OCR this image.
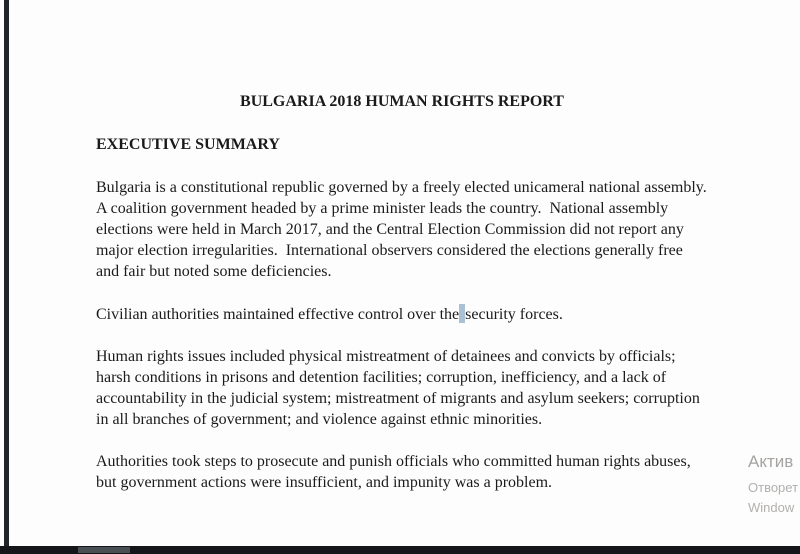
BULGARIA 2018 HUMAN RIGHTS REPORT
EXECUTIVE SUMMARY
Bulgaria is a constitutional republic governed by a freely elected unicameral national assembly.  A coalition government headed by a prime minister leads the country.  National assembly elections were held in March 2017, and the Central Election Commission did not report any major election irregularities.  International observers considered the elections generally free and fair but noted some deficiencies.
Civilian authorities maintained effective control over the security forces.
Human rights issues included physical mistreatment of detainees and convicts by officials; harsh conditions in prisons and detention facilities; corruption, inefficiency, and a lack of accountability in the judicial system; mistreatment of migrants and asylum seekers; corruption in all branches of government; and violence against ethnic minorities.
Authorities took steps to prosecute and punish officials who committed human rights abuses, but government actions were insufficient, and impunity was a problem.
Актив
Отворет
Window
